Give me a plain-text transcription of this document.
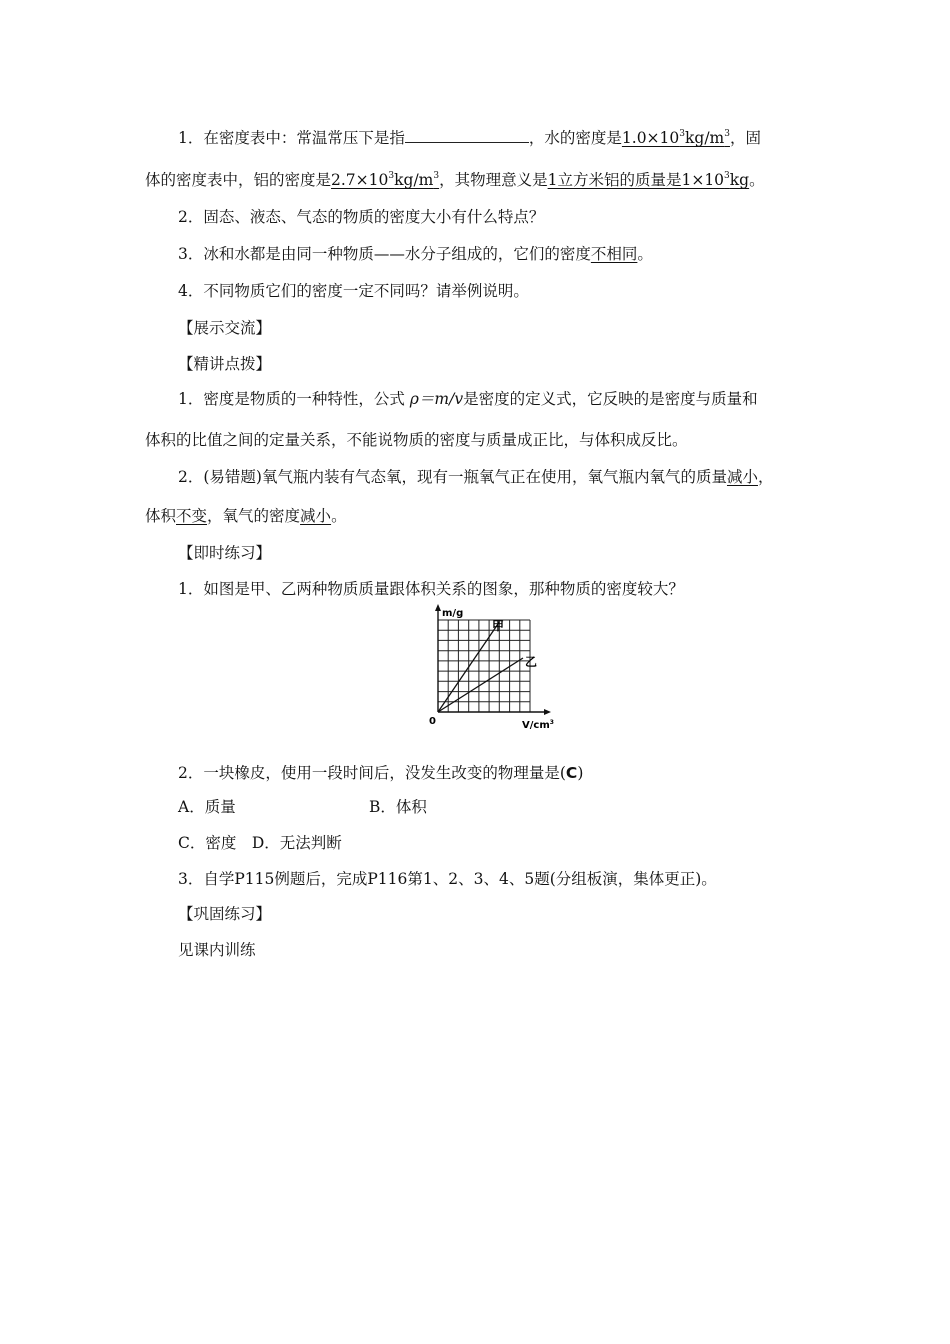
1．在密度表中：常温常压下是指	，水的密度是$1.0\times 10^3kg/m^3$，固
体的密度表中，铝的密度是$2.7\times 10^3kg/m^3$，其物理意义是1立方米铝的质量是$1\times 10^3kg$。
2．固态、液态、气态的物质的密度大小有什么特点？
3．冰和水都是由同一种物质——水分子组成的，它们的密度不相同。
4．不同物质它们的密度一定不同吗？请举例说明。
【展示交流】
【精讲点拨】
1．密度是物质的一种特性，公式 ρ＝m/v是密度的定义式，它反映的是密度与质量和
体积的比值之间的定量关系，不能说物质的密度与质量成正比，与体积成反比。
2．(易错题)氧气瓶内装有气态氧，现有一瓶氧气正在使用，氧气瓶内氧气的质量减小，
体积不变，氧气的密度减小。
【即时练习】
1．如图是甲、乙两种物质质量跟体积关系的图象，那种物质的密度较大？
m/g
$V/cm^3$
0
甲
乙
2．一块橡皮，使用一段时间后，没发生改变的物理量是(C)
A．质量	B．体积
C．密度　D．无法判断
3．自学P115例题后，完成P116第1、2、3、4、5题(分组板演，集体更正)。
【巩固练习】
见课内训练
